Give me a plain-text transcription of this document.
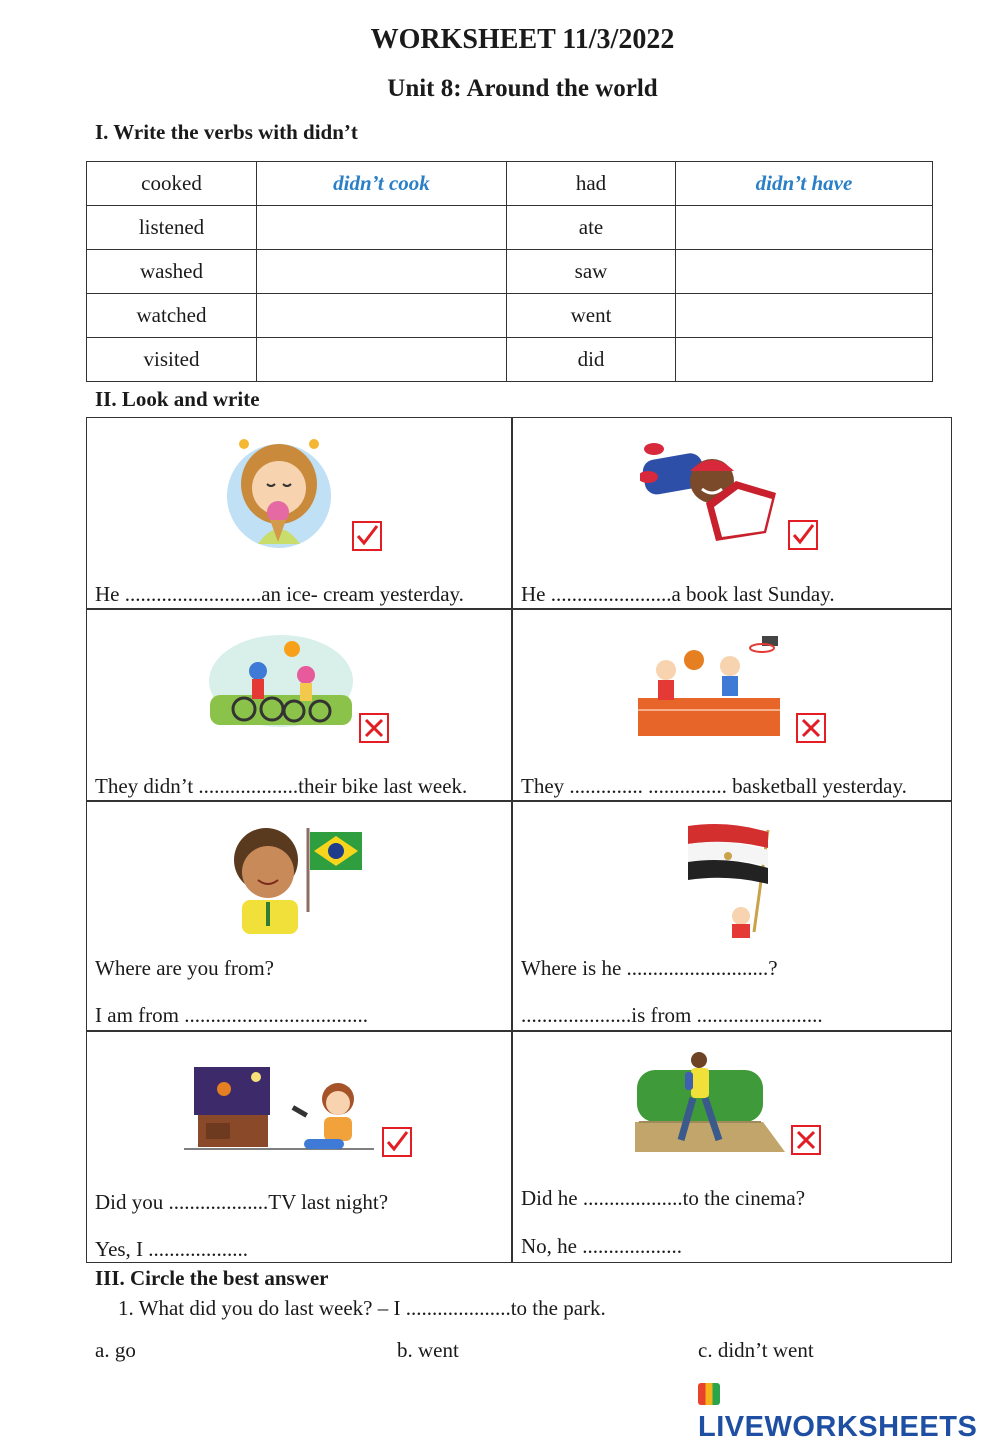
WORKSHEET 11/3/2022
Unit 8: Around the world
I. Write the verbs with didn’t
cooked	didn’t cook	had	didn’t have
listened		ate	
washed		saw	
watched		went	
visited		did	
II. Look and write
He ..........................an ice- cream yesterday.	He .......................a book last Sunday.
They didn’t ...................their bike last week.	They .............. ............... basketball yesterday.
Where are you from?
I am from ...................................
Where is he ...........................?
.....................is from ........................
Did you ...................TV last night?
Yes, I ...................
Did he ...................to the cinema?
No, he ...................
III. Circle the best answer
1. What did you do last week? – I ....................to the park.
a. go	b. went	c. didn’t went
LIVEWORKSHEETS
